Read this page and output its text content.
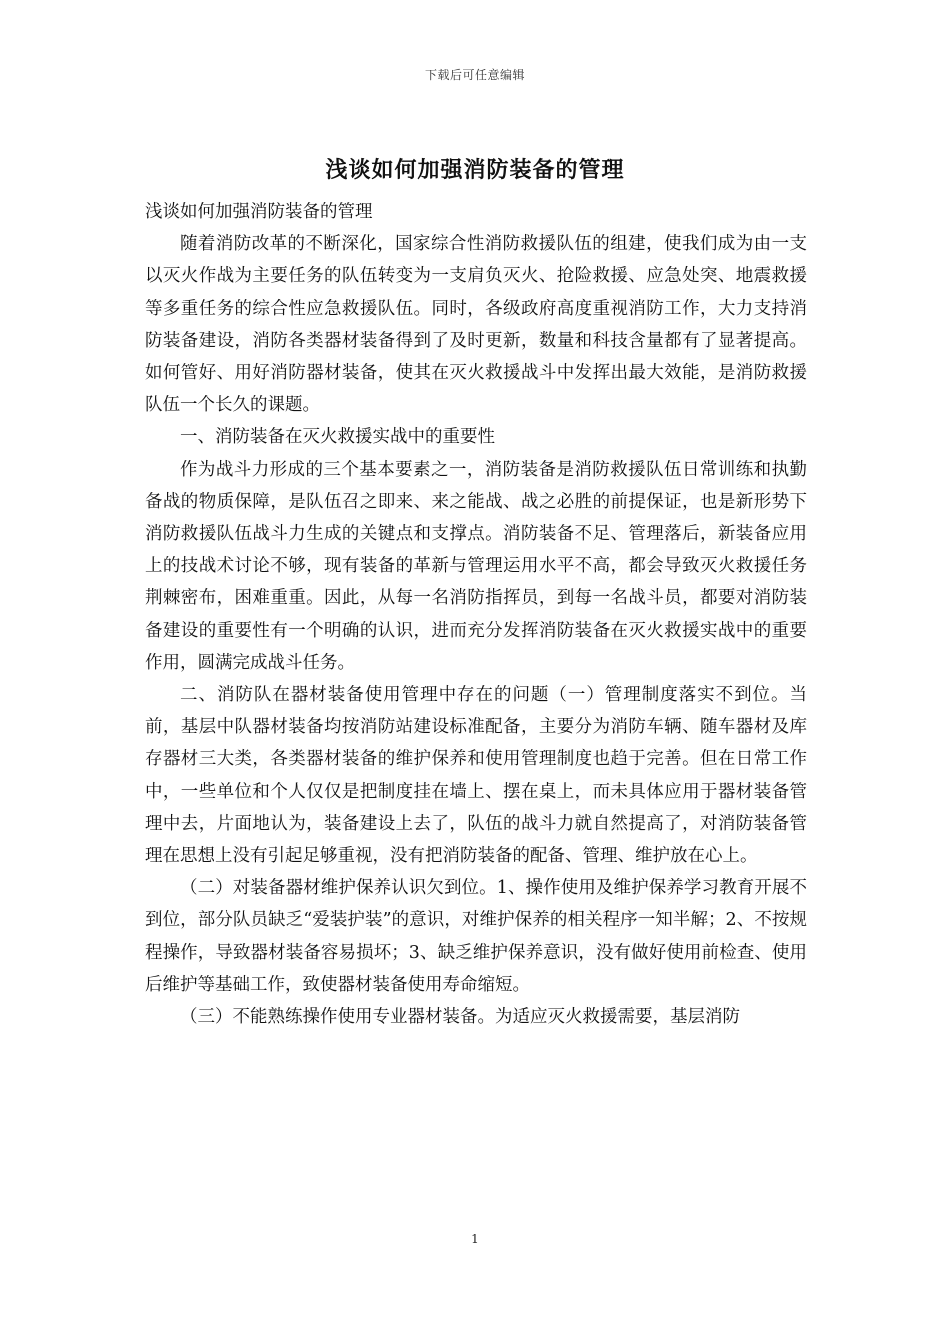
下载后可任意编辑
浅谈如何加强消防装备的管理

浅谈如何加强消防装备的管理

随着消防改革的不断深化，国家综合性消防救援队伍的组建，使我们成为由一支以灭火作战为主要任务的队伍转变为一支肩负灭火、抢险救援、应急处突、地震救援等多重任务的综合性应急救援队伍。同时，各级政府高度重视消防工作，大力支持消防装备建设，消防各类器材装备得到了及时更新，数量和科技含量都有了显著提高。如何管好、用好消防器材装备，使其在灭火救援战斗中发挥出最大效能，是消防救援队伍一个长久的课题。

一、消防装备在灭火救援实战中的重要性

作为战斗力形成的三个基本要素之一，消防装备是消防救援队伍日常训练和执勤备战的物质保障，是队伍召之即来、来之能战、战之必胜的前提保证，也是新形势下消防救援队伍战斗力生成的关键点和支撑点。消防装备不足、管理落后，新装备应用上的技战术讨论不够，现有装备的革新与管理运用水平不高，都会导致灭火救援任务荆棘密布，困难重重。因此，从每一名消防指挥员，到每一名战斗员，都要对消防装备建设的重要性有一个明确的认识，进而充分发挥消防装备在灭火救援实战中的重要作用，圆满完成战斗任务。

二、消防队在器材装备使用管理中存在的问题（一）管理制度落实不到位。当前，基层中队器材装备均按消防站建设标准配备，主要分为消防车辆、随车器材及库存器材三大类，各类器材装备的维护保养和使用管理制度也趋于完善。但在日常工作中，一些单位和个人仅仅是把制度挂在墙上、摆在桌上，而未具体应用于器材装备管理中去，片面地认为，装备建设上去了，队伍的战斗力就自然提高了，对消防装备管理在思想上没有引起足够重视，没有把消防装备的配备、管理、维护放在心上。

（二）对装备器材维护保养认识欠到位。1、操作使用及维护保养学习教育开展不到位，部分队员缺乏“爱装护装”的意识，对维护保养的相关程序一知半解；2、不按规程操作，导致器材装备容易损坏；3、缺乏维护保养意识，没有做好使用前检查、使用后维护等基础工作，致使器材装备使用寿命缩短。

（三）不能熟练操作使用专业器材装备。为适应灭火救援需要，基层消防

1
